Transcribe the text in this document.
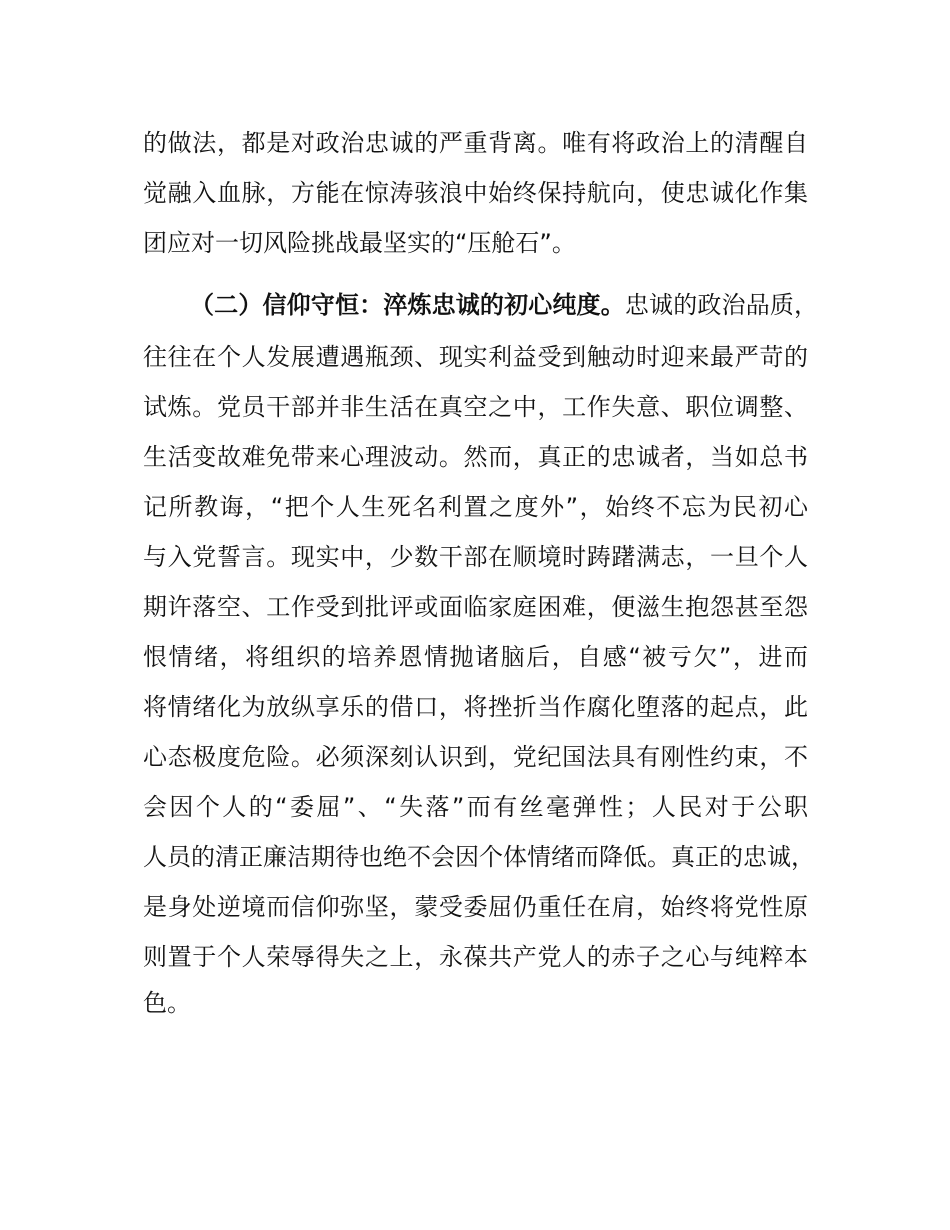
的做法，都是对政治忠诚的严重背离。唯有将政治上的清醒自
觉融入血脉，方能在惊涛骇浪中始终保持航向，使忠诚化作集
团应对一切风险挑战最坚实的“压舱石”。
（二）信仰守恒：淬炼忠诚的初心纯度。忠诚的政治品质，
往往在个人发展遭遇瓶颈、现实利益受到触动时迎来最严苛的
试炼。党员干部并非生活在真空之中，工作失意、职位调整、
生活变故难免带来心理波动。然而，真正的忠诚者，当如总书
记所教诲，“把个人生死名利置之度外”，始终不忘为民初心
与入党誓言。现实中，少数干部在顺境时踌躇满志，一旦个人
期许落空、工作受到批评或面临家庭困难，便滋生抱怨甚至怨
恨情绪，将组织的培养恩情抛诸脑后，自感“被亏欠”，进而
将情绪化为放纵享乐的借口，将挫折当作腐化堕落的起点，此
心态极度危险。必须深刻认识到，党纪国法具有刚性约束，不
会因个人的“委屈”、“失落”而有丝毫弹性；人民对于公职
人员的清正廉洁期待也绝不会因个体情绪而降低。真正的忠诚，
是身处逆境而信仰弥坚，蒙受委屈仍重任在肩，始终将党性原
则置于个人荣辱得失之上，永葆共产党人的赤子之心与纯粹本
色。
